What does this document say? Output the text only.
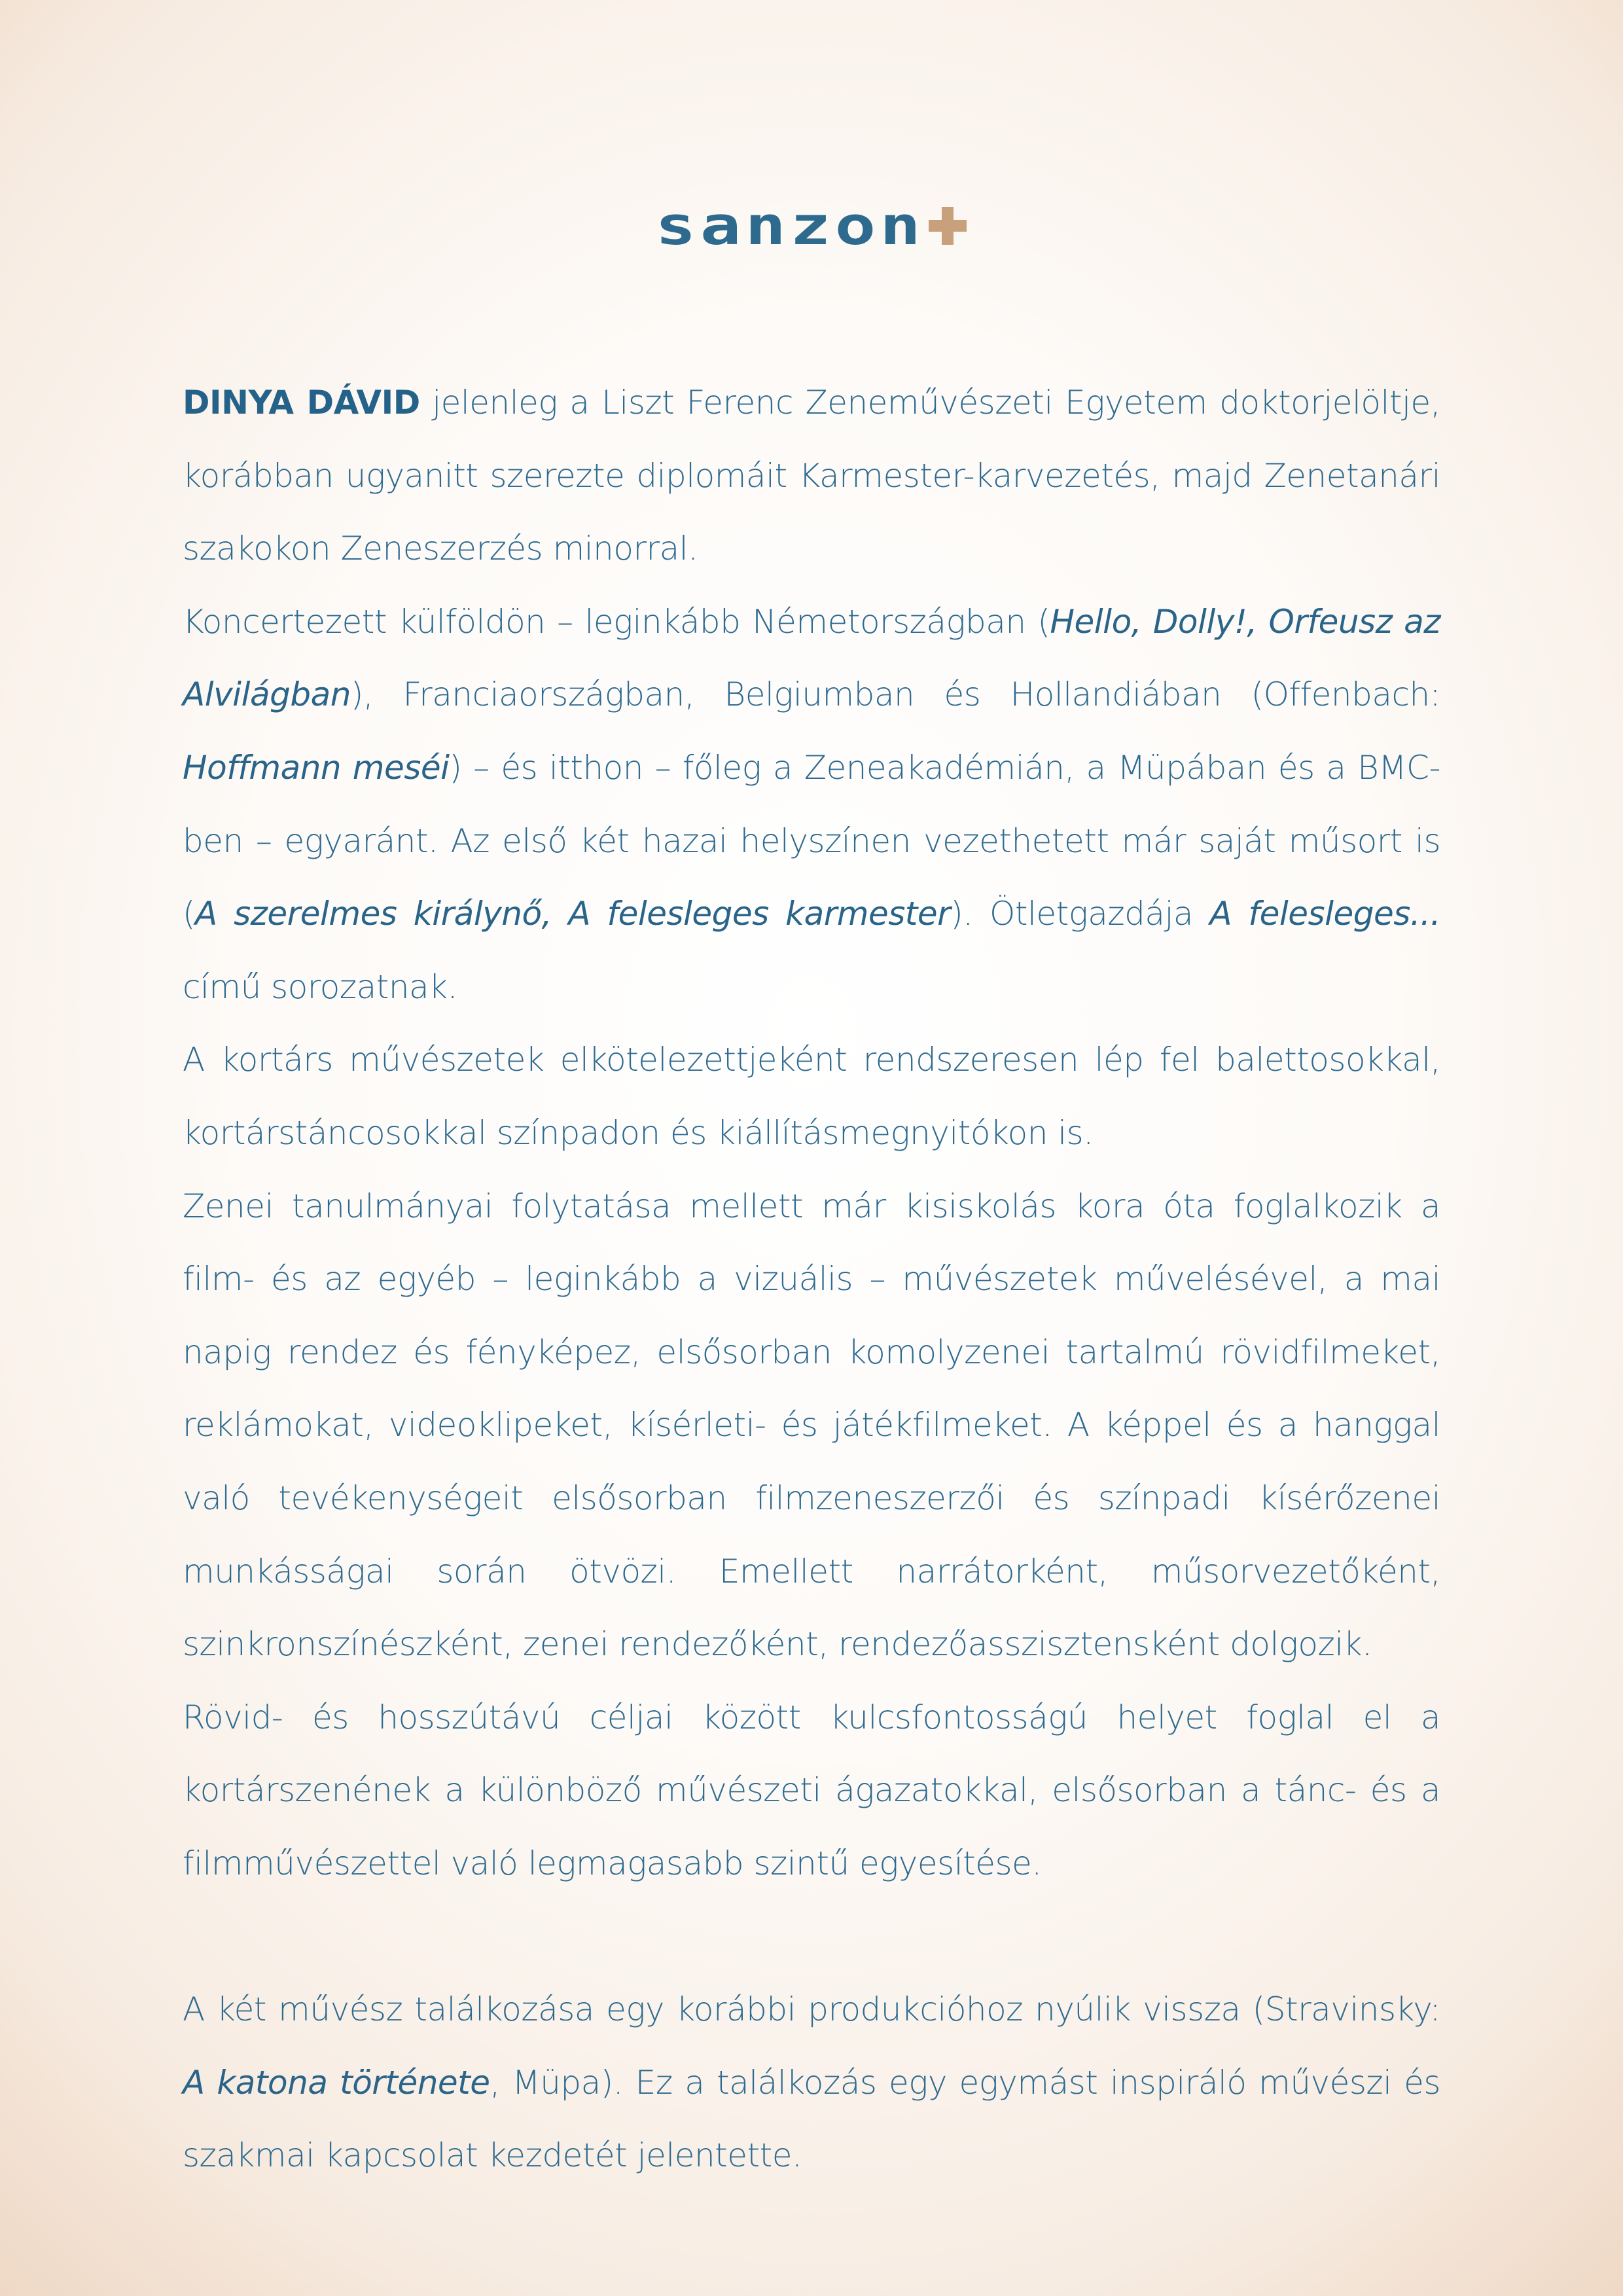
sanzon

DINYA DÁVID jelenleg a Liszt Ferenc Zeneművészeti Egyetem doktorjelöltje, korábban ugyanitt szerezte diplomáit Karmester-karvezetés, majd Zenetanári szakokon Zeneszerzés minorral.

Koncertezett külföldön – leginkább Németországban (Hello, Dolly!, Orfeusz az Alvilágban), Franciaországban, Belgiumban és Hollandiában (Offenbach: Hoffmann meséi) – és itthon – főleg a Zeneakadémián, a Müpában és a BMC-ben – egyaránt. Az első két hazai helyszínen vezethetett már saját műsort is (A szerelmes királynő, A felesleges karmester). Ötletgazdája A felesleges... című sorozatnak.

A kortárs művészetek elkötelezettjeként rendszeresen lép fel balettosokkal, kortárstáncosokkal színpadon és kiállításmegnyitókon is.

Zenei tanulmányai folytatása mellett már kisiskolás kora óta foglalkozik a film- és az egyéb – leginkább a vizuális – művészetek művelésével, a mai napig rendez és fényképez, elsősorban komolyzenei tartalmú rövidfilmeket, reklámokat, videoklipeket, kísérleti- és játékfilmeket. A képpel és a hanggal való tevékenységeit elsősorban filmzeneszerzői és színpadi kísérőzenei munkásságai során ötvözi. Emellett narrátorként, műsorvezetőként, szinkronszínészként, zenei rendezőként, rendezőasszisztensként dolgozik.

Rövid- és hosszútávú céljai között kulcsfontosságú helyet foglal el a kortárszenének a különböző művészeti ágazatokkal, elsősorban a tánc- és a filmművészettel való legmagasabb szintű egyesítése.

A két művész találkozása egy korábbi produkcióhoz nyúlik vissza (Stravinsky: A katona története, Müpa). Ez a találkozás egy egymást inspiráló művészi és szakmai kapcsolat kezdetét jelentette.
